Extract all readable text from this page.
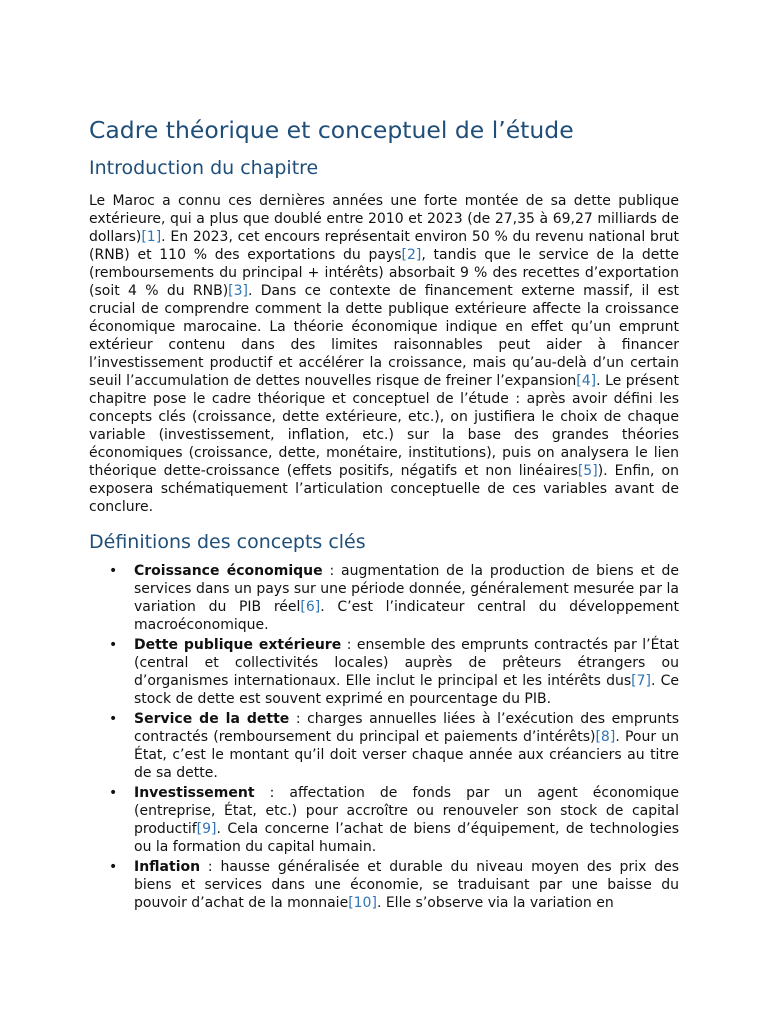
Cadre théorique et conceptuel de l’étude
Introduction du chapitre

Le Maroc a connu ces dernières années une forte montée de sa dette publique extérieure, qui a plus que doublé entre 2010 et 2023 (de 27,35 à 69,27 milliards de dollars)[1]. En 2023, cet encours représentait environ 50 % du revenu national brut (RNB) et 110 % des exportations du pays[2], tandis que le service de la dette (remboursements du principal + intérêts) absorbait 9 % des recettes d’exportation (soit 4 % du RNB)[3]. Dans ce contexte de financement externe massif, il est crucial de comprendre comment la dette publique extérieure affecte la croissance économique marocaine. La théorie économique indique en effet qu’un emprunt extérieur contenu dans des limites raisonnables peut aider à financer l’investissement productif et accélérer la croissance, mais qu’au-delà d’un certain seuil l’accumulation de dettes nouvelles risque de freiner l’expansion[4]. Le présent chapitre pose le cadre théorique et conceptuel de l’étude : après avoir défini les concepts clés (croissance, dette extérieure, etc.), on justifiera le choix de chaque variable (investissement, inflation, etc.) sur la base des grandes théories économiques (croissance, dette, monétaire, institutions), puis on analysera le lien théorique dette-croissance (effets positifs, négatifs et non linéaires[5]). Enfin, on exposera schématiquement l’articulation conceptuelle de ces variables avant de conclure.

Définitions des concepts clés
• Croissance économique : augmentation de la production de biens et de services dans un pays sur une période donnée, généralement mesurée par la variation du PIB réel[6]. C’est l’indicateur central du développement macroéconomique.
• Dette publique extérieure : ensemble des emprunts contractés par l’État (central et collectivités locales) auprès de prêteurs étrangers ou d’organismes internationaux. Elle inclut le principal et les intérêts dus[7]. Ce stock de dette est souvent exprimé en pourcentage du PIB.
• Service de la dette : charges annuelles liées à l’exécution des emprunts contractés (remboursement du principal et paiements d’intérêts)[8]. Pour un État, c’est le montant qu’il doit verser chaque année aux créanciers au titre de sa dette.
• Investissement : affectation de fonds par un agent économique (entreprise, État, etc.) pour accroître ou renouveler son stock de capital productif[9]. Cela concerne l’achat de biens d’équipement, de technologies ou la formation du capital humain.
• Inflation : hausse généralisée et durable du niveau moyen des prix des biens et services dans une économie, se traduisant par une baisse du pouvoir d’achat de la monnaie[10]. Elle s’observe via la variation en
